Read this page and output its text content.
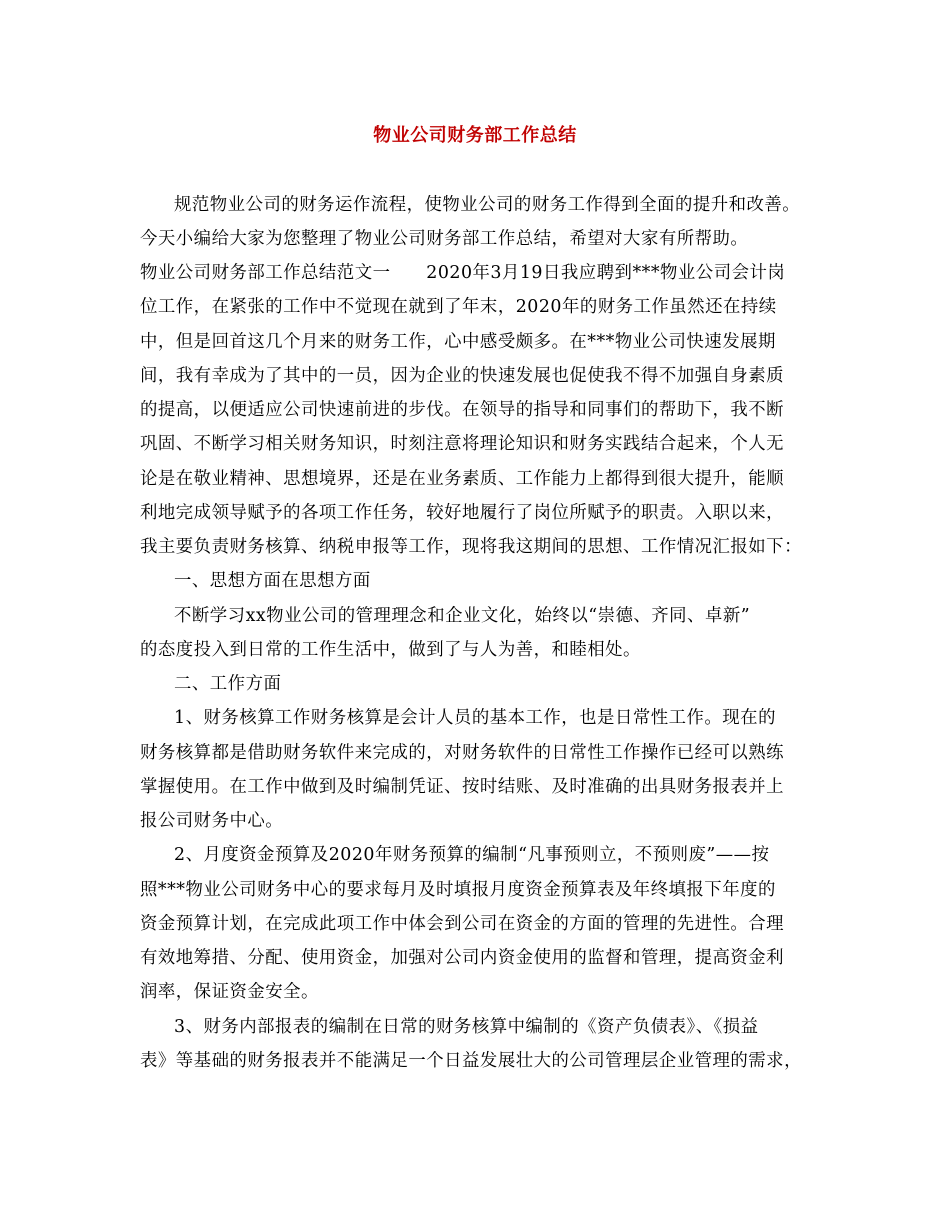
物业公司财务部工作总结
规范物业公司的财务运作流程，使物业公司的财务工作得到全面的提升和改善。
今天小编给大家为您整理了物业公司财务部工作总结，希望对大家有所帮助。
物业公司财务部工作总结范文一　　2020年3月19日我应聘到***物业公司会计岗
位工作，在紧张的工作中不觉现在就到了年末，2020年的财务工作虽然还在持续
中，但是回首这几个月来的财务工作，心中感受颇多。在***物业公司快速发展期
间，我有幸成为了其中的一员，因为企业的快速发展也促使我不得不加强自身素质
的提高，以便适应公司快速前进的步伐。在领导的指导和同事们的帮助下，我不断
巩固、不断学习相关财务知识，时刻注意将理论知识和财务实践结合起来，个人无
论是在敬业精神、思想境界，还是在业务素质、工作能力上都得到很大提升，能顺
利地完成领导赋予的各项工作任务，较好地履行了岗位所赋予的职责。入职以来，
我主要负责财务核算、纳税申报等工作，现将我这期间的思想、工作情况汇报如下：
一、思想方面在思想方面
不断学习xx物业公司的管理理念和企业文化，始终以“崇德、齐同、卓新”
的态度投入到日常的工作生活中，做到了与人为善，和睦相处。
二、工作方面
1、财务核算工作财务核算是会计人员的基本工作，也是日常性工作。现在的
财务核算都是借助财务软件来完成的，对财务软件的日常性工作操作已经可以熟练
掌握使用。在工作中做到及时编制凭证、按时结账、及时准确的出具财务报表并上
报公司财务中心。
2、月度资金预算及2020年财务预算的编制“凡事预则立，不预则废”——按
照***物业公司财务中心的要求每月及时填报月度资金预算表及年终填报下年度的
资金预算计划，在完成此项工作中体会到公司在资金的方面的管理的先进性。合理
有效地筹措、分配、使用资金，加强对公司内资金使用的监督和管理，提高资金利
润率，保证资金安全。
3、财务内部报表的编制在日常的财务核算中编制的《资产负债表》、《损益
表》等基础的财务报表并不能满足一个日益发展壮大的公司管理层企业管理的需求，
